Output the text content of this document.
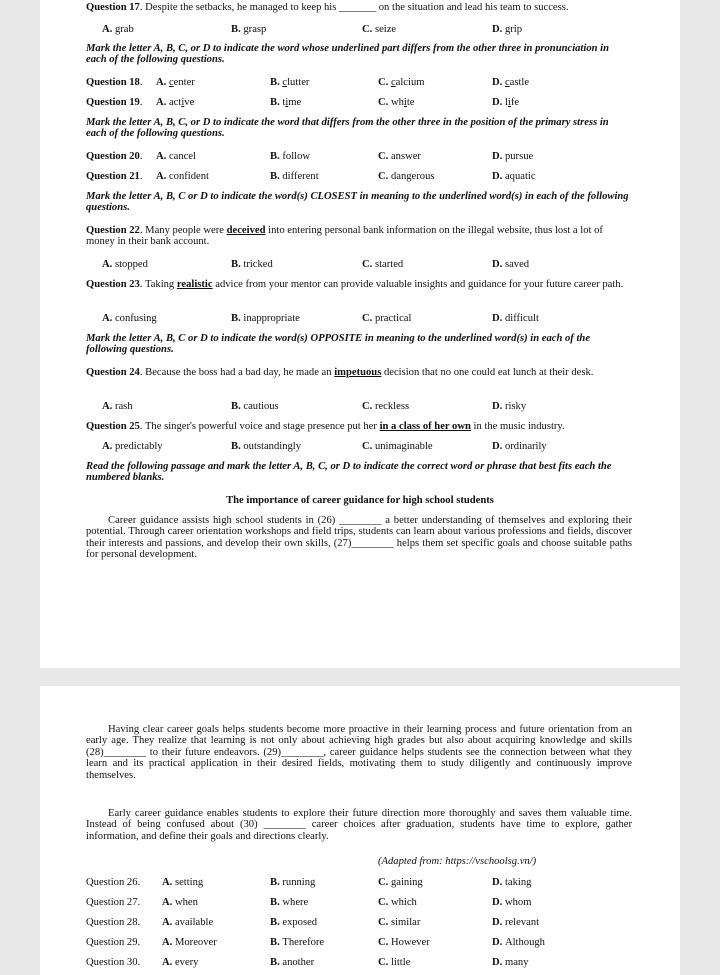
Question 17. Despite the setbacks, he managed to keep his _______ on the situation and lead his team to success.
A. grab	B. grasp	C. seize	D. grip
Mark the letter A, B, C, or D to indicate the word whose underlined part differs from the other three in pronunciation in each of the following questions.
Question 18. A. center	B. clutter	C. calcium	D. castle
Question 19. A. active	B. time	C. white	D. life
Mark the letter A, B, C, or D to indicate the word that differs from the other three in the position of the primary stress in each of the following questions.
Question 20. A. cancel	B. follow	C. answer	D. pursue
Question 21. A. confident	B. different	C. dangerous	D. aquatic
Mark the letter A, B, C or D to indicate the word(s) CLOSEST in meaning to the underlined word(s) in each of the following questions.
Question 22. Many people were deceived into entering personal bank information on the illegal website, thus lost a lot of money in their bank account.
A. stopped	B. tricked	C. started	D. saved
Question 23. Taking realistic advice from your mentor can provide valuable insights and guidance for your future career path.
A. confusing	B. inappropriate	C. practical	D. difficult
Mark the letter A, B, C or D to indicate the word(s) OPPOSITE in meaning to the underlined word(s) in each of the following questions.
Question 24. Because the boss had a bad day, he made an impetuous decision that no one could eat lunch at their desk.
A. rash	B. cautious	C. reckless	D. risky
Question 25. The singer's powerful voice and stage presence put her in a class of her own in the music industry.
A. predictably	B. outstandingly	C. unimaginable	D. ordinarily
Read the following passage and mark the letter A, B, C, or D to indicate the correct word or phrase that best fits each the numbered blanks.
The importance of career guidance for high school students
Career guidance assists high school students in (26) ________ a better understanding of themselves and exploring their potential. Through career orientation workshops and field trips, students can learn about various professions and fields, discover their interests and passions, and develop their own skills, (27)________ helps them set specific goals and choose suitable paths for personal development.
Having clear career goals helps students become more proactive in their learning process and future orientation from an early age. They realize that learning is not only about achieving high grades but also about acquiring knowledge and skills (28)________ to their future endeavors. (29)________, career guidance helps students see the connection between what they learn and its practical application in their desired fields, motivating them to study diligently and continuously improve themselves.
Early career guidance enables students to explore their future direction more thoroughly and saves them valuable time. Instead of being confused about (30) ________ career choices after graduation, students have time to explore, gather information, and define their goals and directions clearly.
(Adapted from: https://vschoolsg.vn/)
Question 26. A. setting	B. running	C. gaining	D. taking
Question 27. A. when	B. where	C. which	D. whom
Question 28. A. available	B. exposed	C. similar	D. relevant
Question 29. A. Moreover	B. Therefore	C. However	D. Although
Question 30. A. every	B. another	C. little	D. many
